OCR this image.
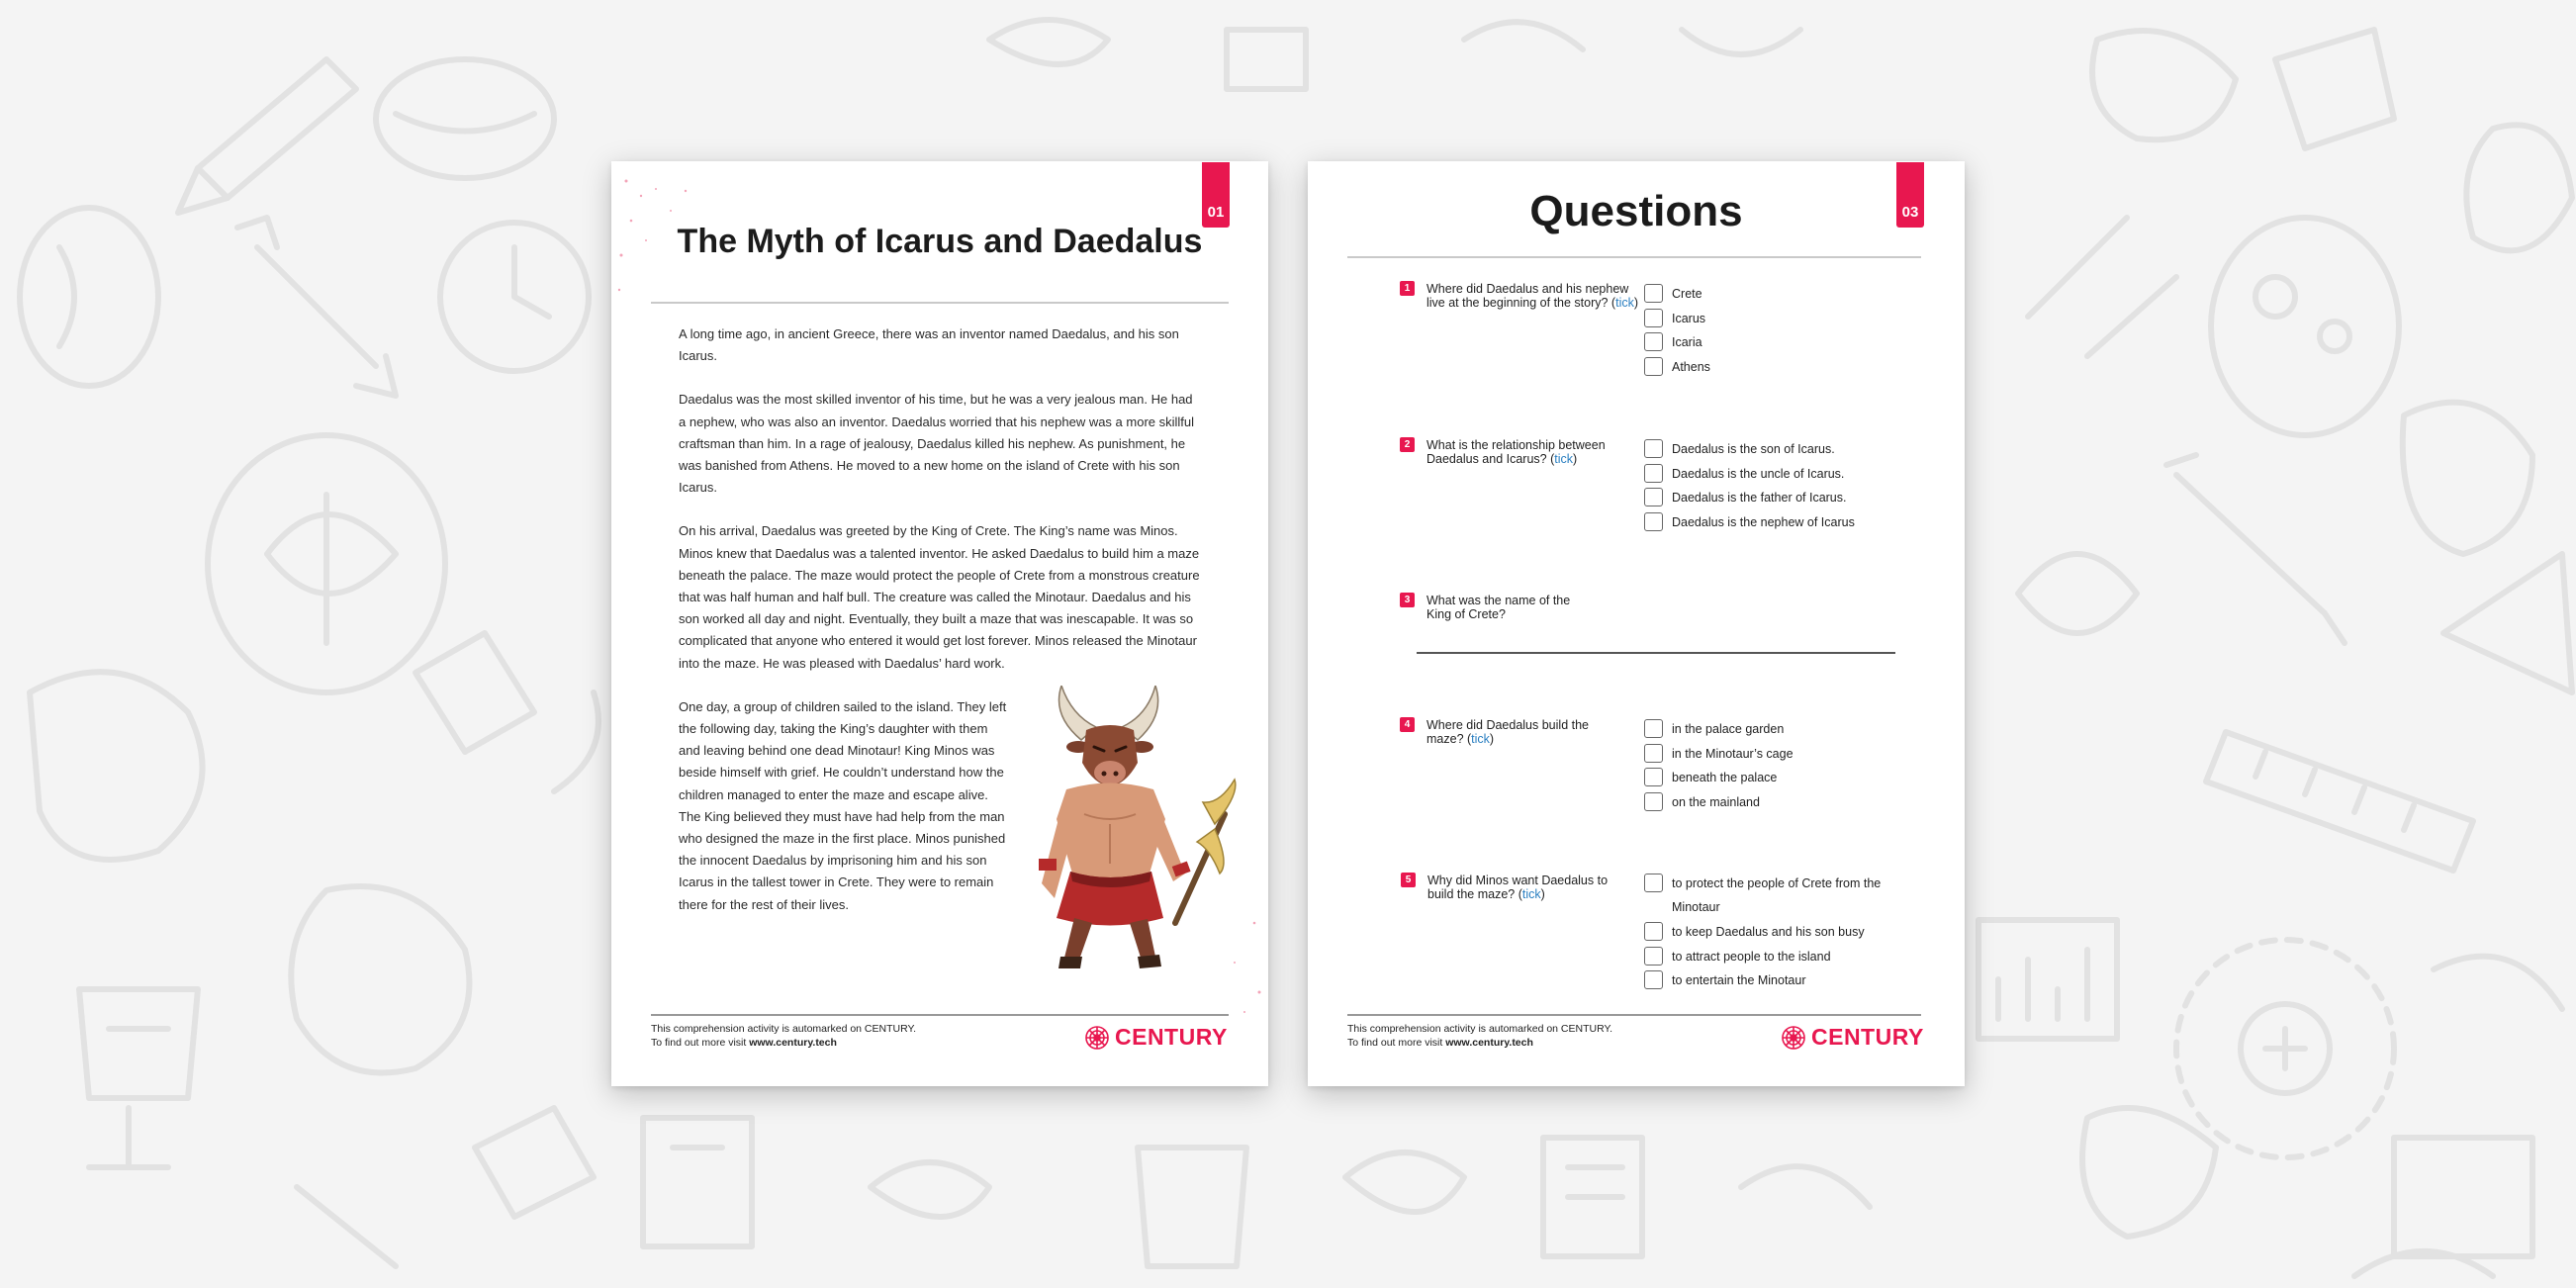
01
The Myth of Icarus and Daedalus

A long time ago, in ancient Greece, there was an inventor named Daedalus, and his son Icarus.

Daedalus was the most skilled inventor of his time, but he was a very jealous man. He had a nephew, who was also an inventor. Daedalus worried that his nephew was a more skillful craftsman than him. In a rage of jealousy, Daedalus killed his nephew. As punishment, he was banished from Athens. He moved to a new home on the island of Crete with his son Icarus.

On his arrival, Daedalus was greeted by the King of Crete. The King’s name was Minos. Minos knew that Daedalus was a talented inventor. He asked Daedalus to build him a maze beneath the palace. The maze would protect the people of Crete from a monstrous creature that was half human and half bull. The creature was called the Minotaur. Daedalus and his son worked all day and night. Eventually, they built a maze that was inescapable. It was so complicated that anyone who entered it would get lost forever. Minos released the Minotaur into the maze. He was pleased with Daedalus’ hard work.

One day, a group of children sailed to the island. They left the following day, taking the King’s daughter with them and leaving behind one dead Minotaur! King Minos was beside himself with grief. He couldn’t understand how the children managed to enter the maze and escape alive. The King believed they must have had help from the man who designed the maze in the first place. Minos punished the innocent Daedalus by imprisoning him and his son Icarus in the tallest tower in Crete. They were to remain there for the rest of their lives.

This comprehension activity is automarked on CENTURY.
To find out more visit www.century.tech	CENTURY
03
Questions
1	Where did Daedalus and his nephew live at the beginning of the story? (tick)
Crete
Icarus
Icaria
Athens
2	What is the relationship between Daedalus and Icarus? (tick)
Daedalus is the son of Icarus.
Daedalus is the uncle of Icarus.
Daedalus is the father of Icarus.
Daedalus is the nephew of Icarus
3	What was the name of the King of Crete?
4	Where did Daedalus build the maze? (tick)
in the palace garden
in the Minotaur’s cage
beneath the palace
on the mainland
5	Why did Minos want Daedalus to build the maze? (tick)
to protect the people of Crete from the Minotaur
to keep Daedalus and his son busy
to attract people to the island
to entertain the Minotaur
This comprehension activity is automarked on CENTURY.
To find out more visit www.century.tech	CENTURY
